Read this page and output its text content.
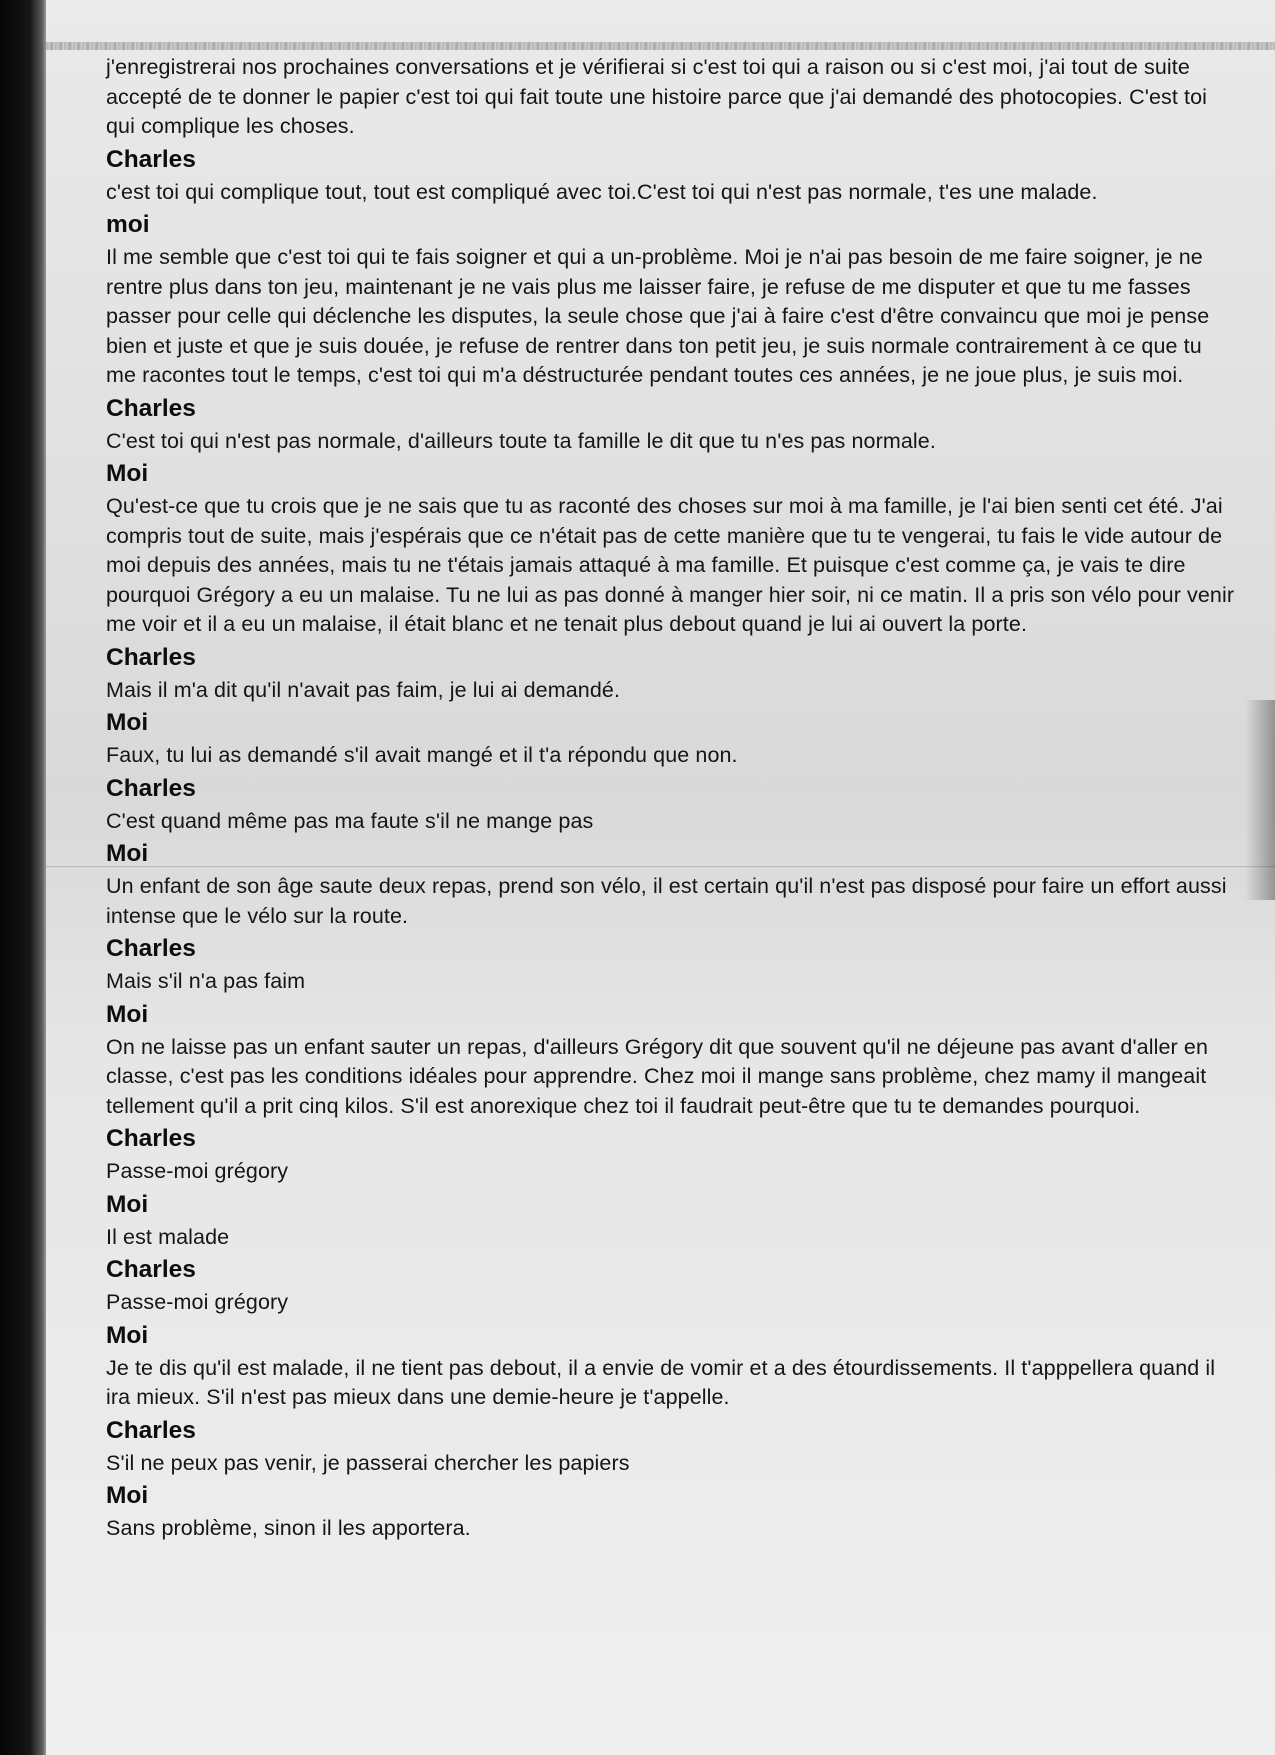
j'enregistrerai nos prochaines conversations et je vérifierai si c'est toi qui a raison ou si c'est moi, j'ai tout de suite accepté de te donner le papier c'est toi qui fait toute une histoire parce que j'ai demandé des photocopies. C'est toi qui complique les choses.

Charles

c'est toi qui complique tout, tout est compliqué avec toi.C'est toi qui n'est pas normale, t'es une malade.

moi

Il me semble que c'est toi qui te fais soigner et qui a un-problème. Moi je n'ai pas besoin de me faire soigner, je ne rentre plus dans ton jeu, maintenant je ne vais plus me laisser faire, je refuse de me disputer et que tu me fasses passer pour celle qui déclenche les disputes, la seule chose que j'ai à faire c'est d'être convaincu que moi je pense bien et juste et que je suis douée, je refuse de rentrer dans ton petit jeu, je suis normale contrairement à ce que tu me racontes tout le temps, c'est toi qui m'a déstructurée pendant toutes ces années, je ne joue plus, je suis moi.

Charles

C'est toi qui n'est pas normale, d'ailleurs toute ta famille le dit que tu n'es pas normale.

Moi

Qu'est-ce que tu crois que je ne sais que tu as raconté des choses sur moi à ma famille, je l'ai bien senti cet été. J'ai compris tout de suite, mais j'espérais que ce n'était pas de cette manière que tu te vengerai, tu fais le vide autour de moi depuis des années, mais tu ne t'étais jamais attaqué à ma famille. Et puisque c'est comme ça, je vais te dire pourquoi Grégory a eu un malaise. Tu ne lui as pas donné à manger hier soir, ni ce matin. Il a pris son vélo pour venir me voir et il a eu un malaise, il était blanc et ne tenait plus debout quand je lui ai ouvert la porte.

Charles

Mais il m'a dit qu'il n'avait pas faim, je lui ai demandé.

Moi

Faux, tu lui as demandé s'il avait mangé et il t'a répondu que non.

Charles

C'est quand même pas ma faute s'il ne mange pas

Moi

Un enfant de son âge saute deux repas, prend son vélo, il est certain qu'il n'est pas disposé pour faire un effort aussi intense que le vélo sur la route.

Charles

Mais s'il n'a pas faim

Moi

On ne laisse pas un enfant sauter un repas, d'ailleurs Grégory dit que souvent qu'il ne déjeune pas avant d'aller en classe, c'est pas les conditions idéales pour apprendre. Chez moi il mange sans problème, chez mamy il mangeait tellement qu'il a prit cinq kilos. S'il est anorexique chez toi il faudrait peut-être que tu te demandes pourquoi.

Charles

Passe-moi grégory

Moi

Il est malade

Charles

Passe-moi grégory

Moi

Je te dis qu'il est malade, il ne tient pas debout, il a envie de vomir et a des étourdissements. Il t'apppellera quand il ira mieux. S'il n'est pas mieux dans une demie-heure je t'appelle.

Charles

S'il ne peux pas venir, je passerai chercher les papiers

Moi

Sans problème, sinon il les apportera.
